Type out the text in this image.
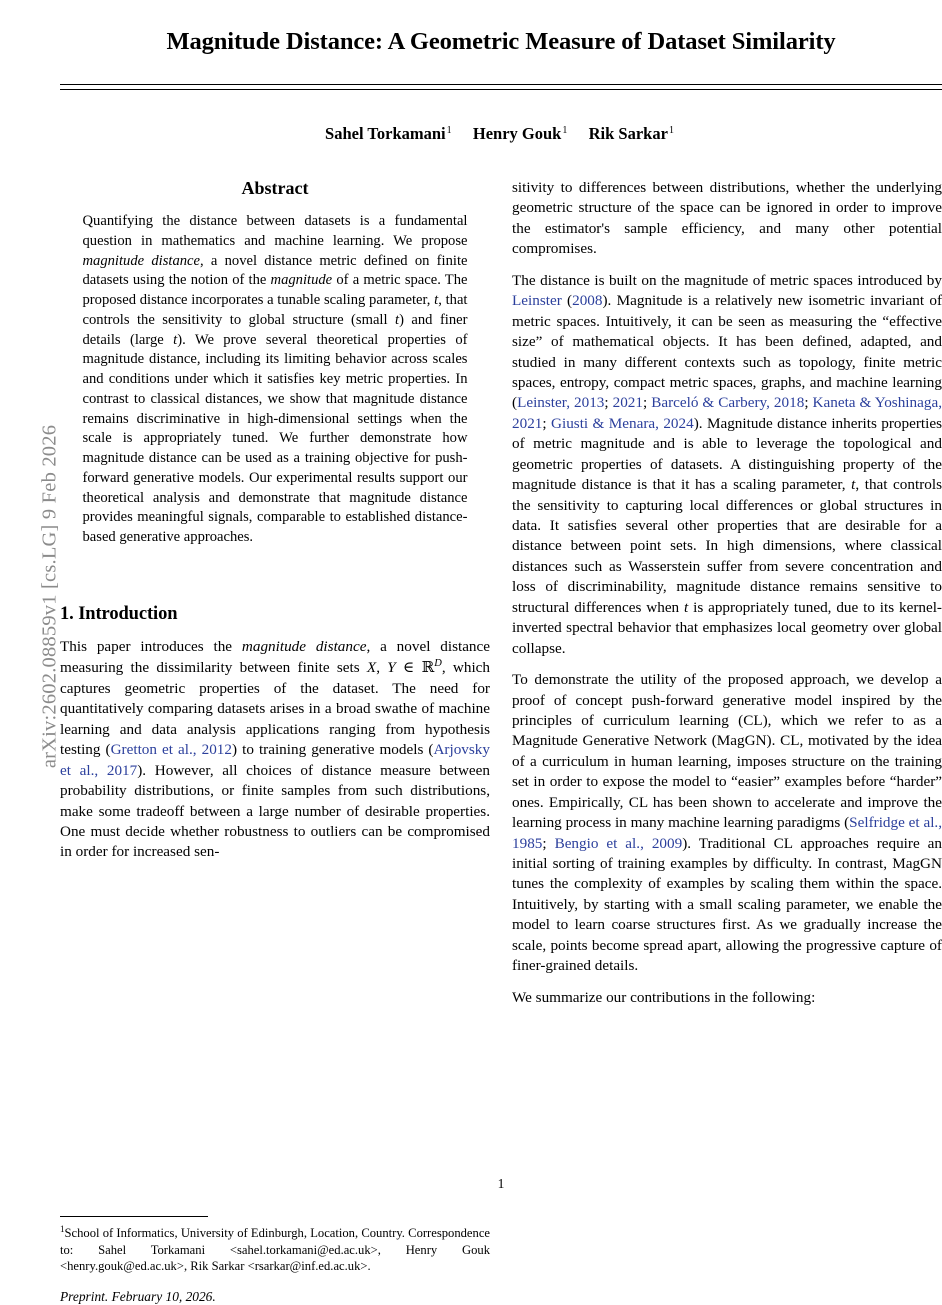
arXiv:2602.08859v1 [cs.LG] 9 Feb 2026
Magnitude Distance: A Geometric Measure of Dataset Similarity

Sahel Torkamani$^1$ Henry Gouk$^1$ Rik Sarkar$^1$

Abstract
Quantifying the distance between datasets is a fundamental question in mathematics and machine learning. We propose magnitude distance, a novel distance metric defined on finite datasets using the notion of the magnitude of a metric space. The proposed distance incorporates a tunable scaling parameter, t, that controls the sensitivity to global structure (small t) and finer details (large t). We prove several theoretical properties of magnitude distance, including its limiting behavior across scales and conditions under which it satisfies key metric properties. In contrast to classical distances, we show that magnitude distance remains discriminative in high-dimensional settings when the scale is appropriately tuned. We further demonstrate how magnitude distance can be used as a training objective for push-forward generative models. Our experimental results support our theoretical analysis and demonstrate that magnitude distance provides meaningful signals, comparable to established distance-based generative approaches.
1. Introduction

This paper introduces the magnitude distance, a novel distance measuring the dissimilarity between finite sets X, Y ∈ ℝ$^D$, which captures geometric properties of the dataset. The need for quantitatively comparing datasets arises in a broad swathe of machine learning and data analysis applications ranging from hypothesis testing (Gretton et al., 2012) to training generative models (Arjovsky et al., 2017). However, all choices of distance measure between probability distributions, or finite samples from such distributions, make some tradeoff between a large number of desirable properties. One must decide whether robustness to outliers can be compromised in order for increased sen-

$^1$School of Informatics, University of Edinburgh, Location, Country. Correspondence to: Sahel Torkamani <sahel.torkamani@ed.ac.uk>, Henry Gouk <henry.gouk@ed.ac.uk>, Rik Sarkar <rsarkar@inf.ed.ac.uk>.

Preprint. February 10, 2026.

sitivity to differences between distributions, whether the underlying geometric structure of the space can be ignored in order to improve the estimator's sample efficiency, and many other potential compromises.

The distance is built on the magnitude of metric spaces introduced by Leinster (2008). Magnitude is a relatively new isometric invariant of metric spaces. Intuitively, it can be seen as measuring the “effective size” of mathematical objects. It has been defined, adapted, and studied in many different contexts such as topology, finite metric spaces, entropy, compact metric spaces, graphs, and machine learning (Leinster, 2013; 2021; Barceló & Carbery, 2018; Kaneta & Yoshinaga, 2021; Giusti & Menara, 2024). Magnitude distance inherits properties of metric magnitude and is able to leverage the topological and geometric properties of datasets. A distinguishing property of the magnitude distance is that it has a scaling parameter, t, that controls the sensitivity to capturing local differences or global structures in data. It satisfies several other properties that are desirable for a distance between point sets. In high dimensions, where classical distances such as Wasserstein suffer from severe concentration and loss of discriminability, magnitude distance remains sensitive to structural differences when t is appropriately tuned, due to its kernel-inverted spectral behavior that emphasizes local geometry over global collapse.

To demonstrate the utility of the proposed approach, we develop a proof of concept push-forward generative model inspired by the principles of curriculum learning (CL), which we refer to as a Magnitude Generative Network (MagGN). CL, motivated by the idea of a curriculum in human learning, imposes structure on the training set in order to expose the model to “easier” examples before “harder” ones. Empirically, CL has been shown to accelerate and improve the learning process in many machine learning paradigms (Selfridge et al., 1985; Bengio et al., 2009). Traditional CL approaches require an initial sorting of training examples by difficulty. In contrast, MagGN tunes the complexity of examples by scaling them within the space. Intuitively, by starting with a small scaling parameter, we enable the model to learn coarse structures first. As we gradually increase the scale, points become spread apart, allowing the progressive capture of finer-grained details.

We summarize our contributions in the following:

1
